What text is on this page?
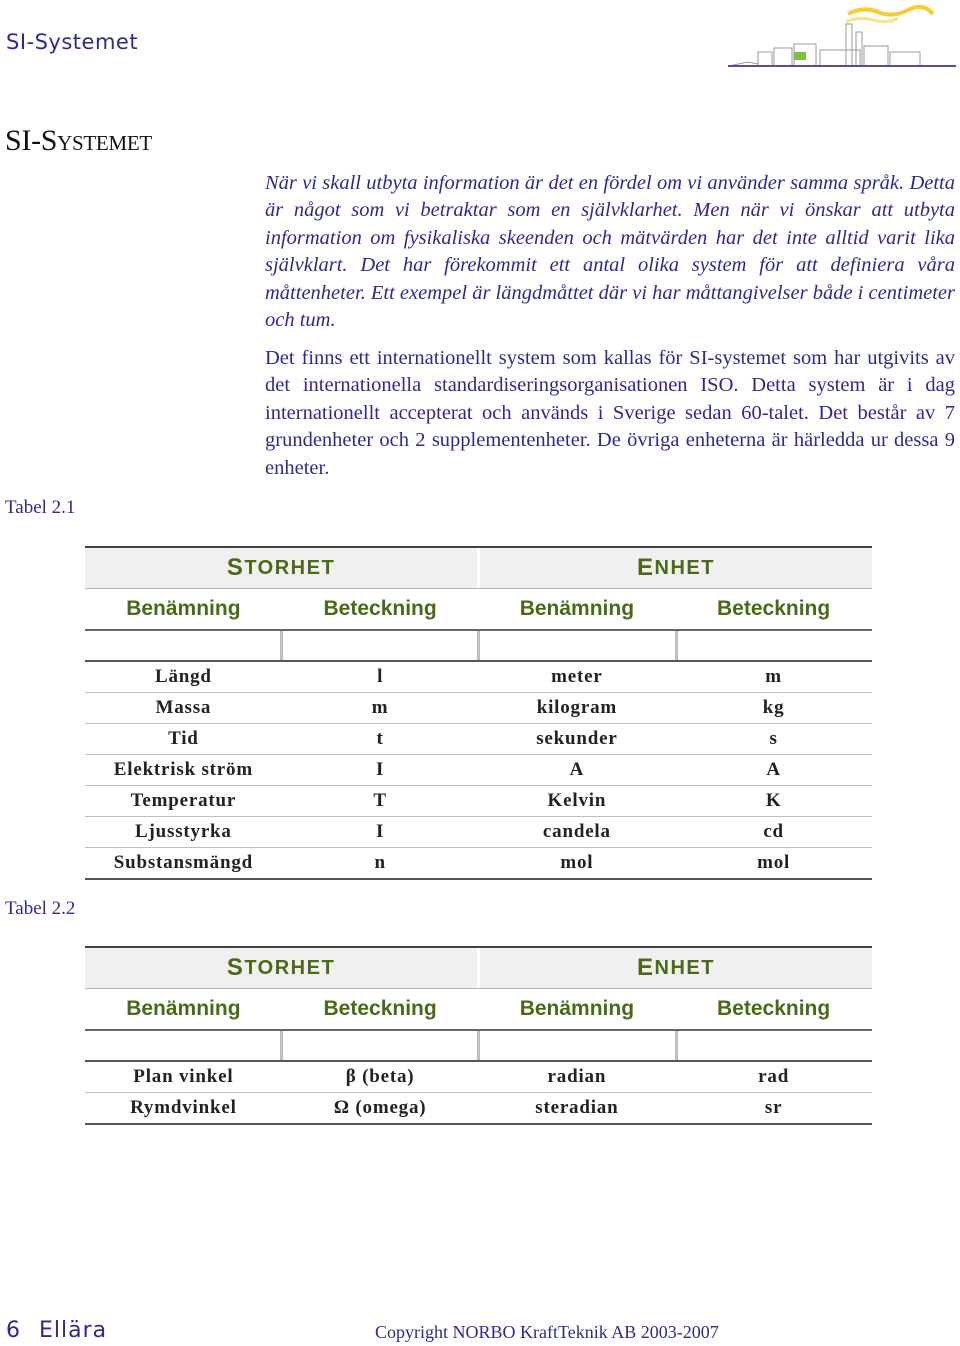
SI-Systemet
SI-Systemet
När vi skall utbyta information är det en fördel om vi använder samma språk. Detta är något som vi betraktar som en självklarhet. Men när vi önskar att utbyta information om fysikaliska skeenden och mätvärden har det inte alltid varit lika självklart. Det har förekommit ett antal olika system för att definiera våra måttenheter. Ett exempel är längdmåttet där vi har måttangivelser både i centimeter och tum.
Det finns ett internationellt system som kallas för SI-systemet som har utgivits av det internationella standardiseringsorganisationen ISO. Detta system är i dag internationellt accepterat och används i Sverige sedan 60-talet. Det består av 7 grundenheter och 2 supplementenheter. De övriga enheterna är härledda ur dessa 9 enheter.
Tabel 2.1
S TORHET	E NHET
Benämning	Beteckning	Benämning	Beteckning
Längd	l	meter	m
Massa	m	kilogram	kg
Tid	t	sekunder	s
Elektrisk ström	I	A	A
Temperatur	T	Kelvin	K
Ljusstyrka	I	candela	cd
Substansmängd	n	mol	mol
Tabel 2.2
S TORHET	E NHET
Benämning	Beteckning	Benämning	Beteckning
Plan vinkel	β (beta)	radian	rad
Rymdvinkel	Ω (omega)	steradian	sr
6 Ellära	Copyright NORBO KraftTeknik AB 2003-2007
